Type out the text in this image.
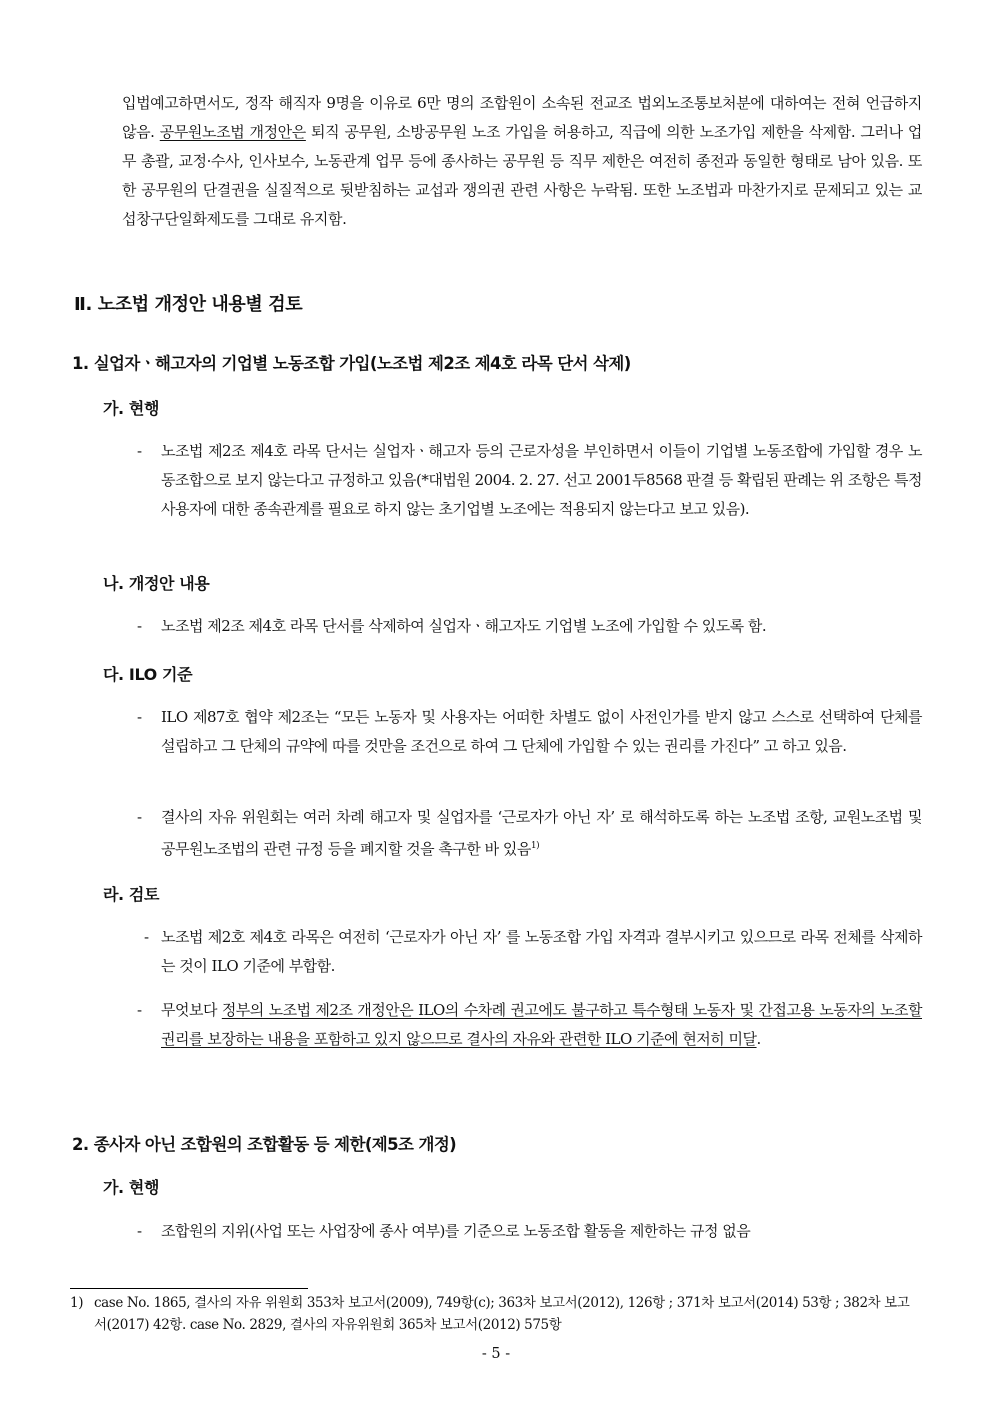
입법예고하면서도, 정작 해직자 9명을 이유로 6만 명의 조합원이 소속된 전교조 법외노조통보처분에 대하여는 전혀 언급하지 않음. 공무원노조법 개정안은 퇴직 공무원, 소방공무원 노조 가입을 허용하고, 직급에 의한 노조가입 제한을 삭제함. 그러나 업무 총괄, 교정·수사, 인사보수, 노동관계 업무 등에 종사하는 공무원 등 직무 제한은 여전히 종전과 동일한 형태로 남아 있음. 또한 공무원의 단결권을 실질적으로 뒷받침하는 교섭과 쟁의권 관련 사항은 누락됨. 또한 노조법과 마찬가지로 문제되고 있는 교섭창구단일화제도를 그대로 유지함.
Ⅱ. 노조법 개정안 내용별 검토
1. 실업자ㆍ해고자의 기업별 노동조합 가입(노조법 제2조 제4호 라목 단서 삭제)
가. 현행
-	노조법 제2조 제4호 라목 단서는 실업자ㆍ해고자 등의 근로자성을 부인하면서 이들이 기업별 노동조합에 가입할 경우 노동조합으로 보지 않는다고 규정하고 있음(*대법원 2004. 2. 27. 선고 2001두8568 판결 등 확립된 판례는 위 조항은 특정 사용자에 대한 종속관계를 필요로 하지 않는 초기업별 노조에는 적용되지 않는다고 보고 있음).
나. 개정안 내용
-	노조법 제2조 제4호 라목 단서를 삭제하여 실업자ㆍ해고자도 기업별 노조에 가입할 수 있도록 함.
다. ILO 기준
-	ILO 제87호 협약 제2조는 “모든 노동자 및 사용자는 어떠한 차별도 없이 사전인가를 받지 않고 스스로 선택하여 단체를 설립하고 그 단체의 규약에 따를 것만을 조건으로 하여 그 단체에 가입할 수 있는 권리를 가진다” 고 하고 있음.
-	결사의 자유 위원회는 여러 차례 해고자 및 실업자를 ‘근로자가 아닌 자’ 로 해석하도록 하는 노조법 조항, 교원노조법 및 공무원노조법의 관련 규정 등을 폐지할 것을 촉구한 바 있음$^{1)}$
라. 검토
- 노조법 제2호 제4호 라목은 여전히 ‘근로자가 아닌 자’ 를 노동조합 가입 자격과 결부시키고 있으므로 라목 전체를 삭제하는 것이 ILO 기준에 부합함.
-	무엇보다 정부의 노조법 제2조 개정안은 ILO의 수차례 권고에도 불구하고 특수형태 노동자 및 간접고용 노동자의 노조할 권리를 보장하는 내용을 포함하고 있지 않으므로 결사의 자유와 관련한 ILO 기준에 현저히 미달.
2. 종사자 아닌 조합원의 조합활동 등 제한(제5조 개정)
가. 현행
-	조합원의 지위(사업 또는 사업장에 종사 여부)를 기준으로 노동조합 활동을 제한하는 규정 없음
1) case No. 1865, 결사의 자유 위원회 353차 보고서(2009), 749항(c); 363차 보고서(2012), 126항 ; 371차 보고서(2014) 53항 ; 382차 보고서(2017) 42항. case No. 2829, 결사의 자유위원회 365차 보고서(2012) 575항
- 5 -
